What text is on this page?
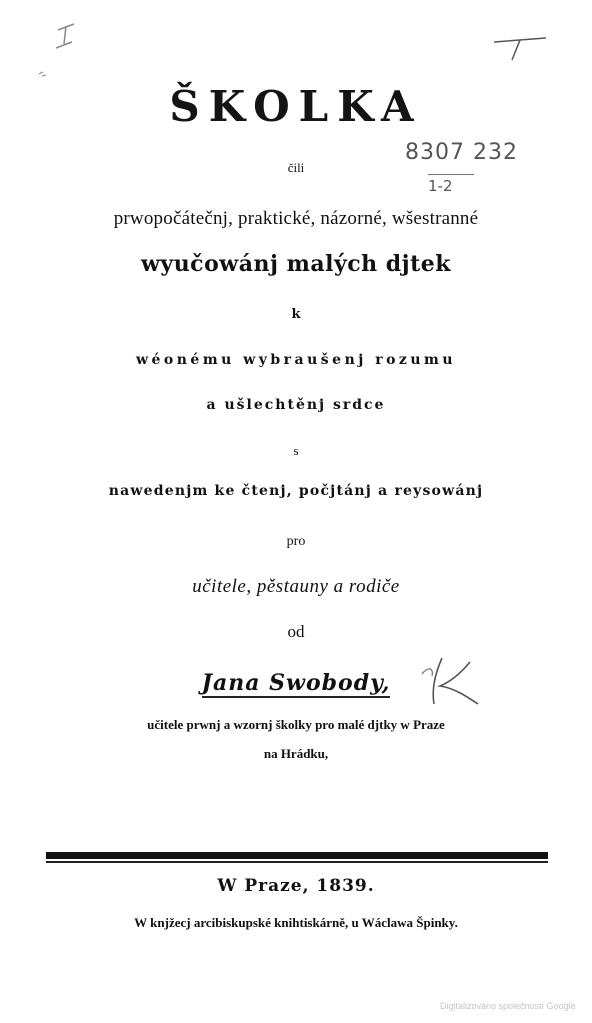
ŠKOLKA
čili
8307 232
1-2
prwopočátečnj, praktické, názorné, wšestranné
wyučowánj malých djtek
k
wéonému wybraušenj rozumu
a ušlechtěnj srdce
s
nawedenjm ke čtenj, počjtánj a reysowánj
pro
učitele, pěstauny a rodiče
od
Jana Swobody,
učitele prwnj a wzornj školky pro malé djtky w Praze
na Hrádku,
W Praze, 1839.
W knjžecj arcibiskupské knihtiskárně, u Wáclawa Špinky.
Digitalizováno společností Google
